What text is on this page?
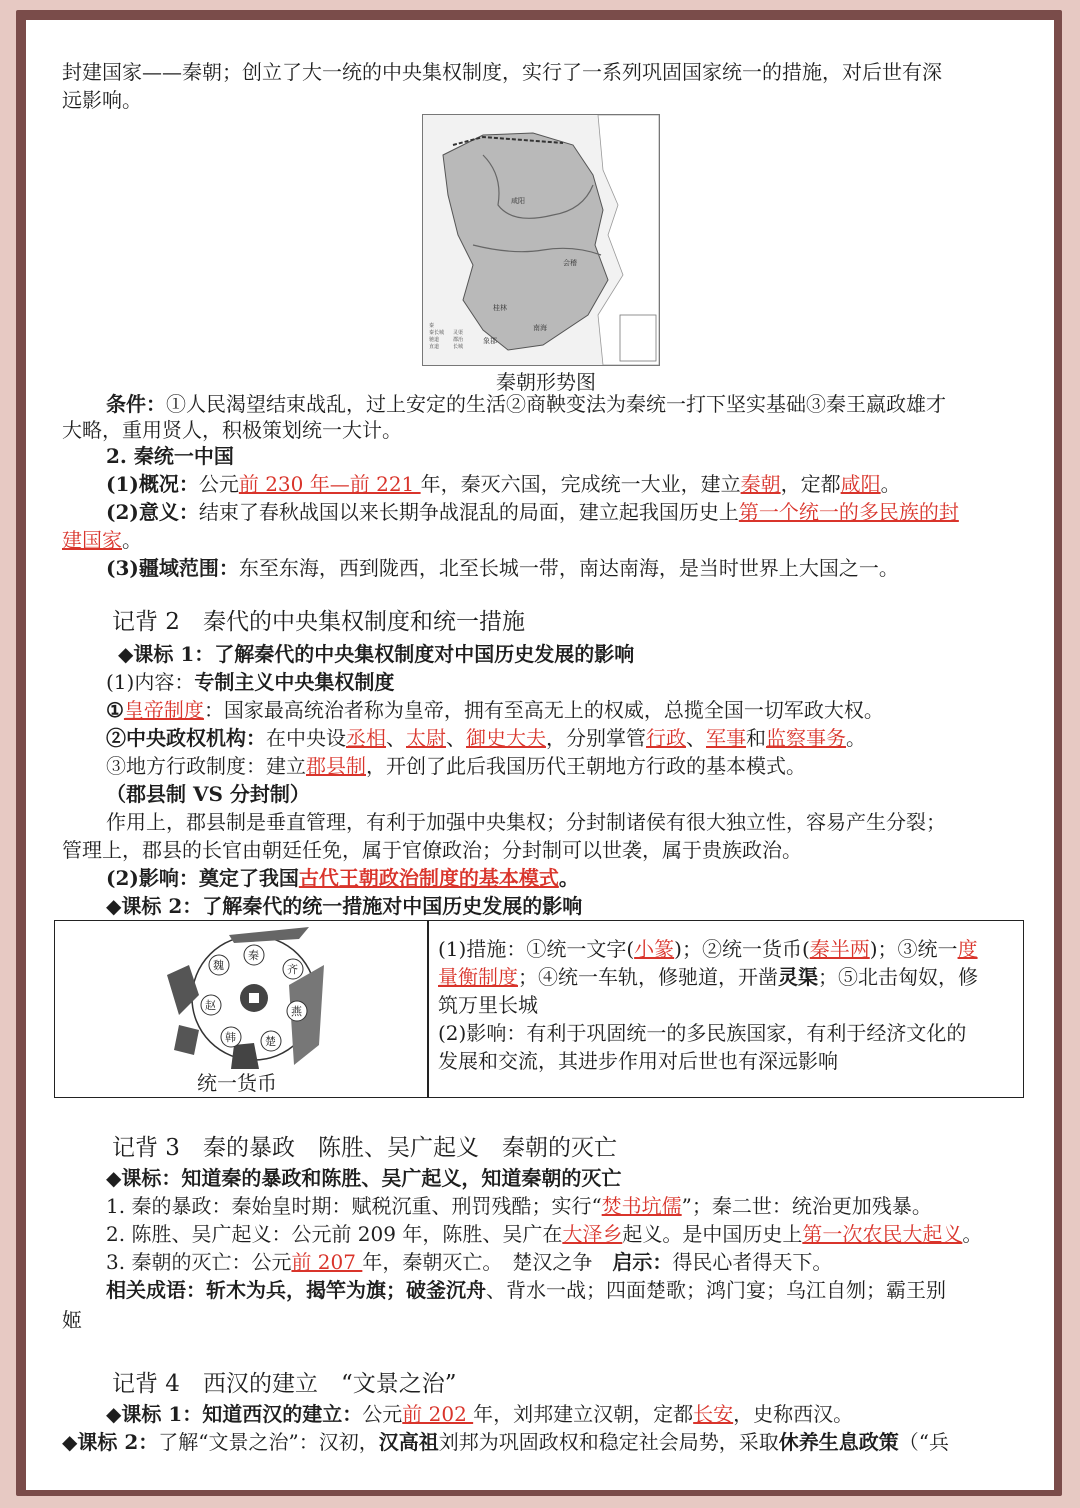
封建国家——秦朝；创立了大一统的中央集权制度，实行了一系列巩固国家统一的措施，对后世有深
远影响。
咸阳
会稽
南海
桂林
象郡
秦
秦长城
驰道
直道
灵渠
郡治
长城
秦朝形势图
条件：①人民渴望结束战乱，过上安定的生活②商鞅变法为秦统一打下坚实基础③秦王嬴政雄才
大略，重用贤人，积极策划统一大计。
2. 秦统一中国
(1)概况：公元前 230 年—前 221 年，秦灭六国，完成统一大业，建立秦朝，定都咸阳。
(2)意义：结束了春秋战国以来长期争战混乱的局面，建立起我国历史上第一个统一的多民族的封
建国家。
(3)疆域范围：东至东海，西到陇西，北至长城一带，南达南海，是当时世界上大国之一。
记背 2　秦代的中央集权制度和统一措施
◆课标 1：了解秦代的中央集权制度对中国历史发展的影响
(1)内容：专制主义中央集权制度
①皇帝制度：国家最高统治者称为皇帝，拥有至高无上的权威，总揽全国一切军政大权。
②中央政权机构：在中央设丞相、太尉、御史大夫，分别掌管行政、军事和监察事务。
③地方行政制度：建立郡县制，开创了此后我国历代王朝地方行政的基本模式。
（郡县制 VS 分封制）
作用上，郡县制是垂直管理，有利于加强中央集权；分封制诸侯有很大独立性，容易产生分裂；
管理上，郡县的长官由朝廷任免，属于官僚政治；分封制可以世袭，属于贵族政治。
(2)影响：奠定了我国古代王朝政治制度的基本模式。
◆课标 2：了解秦代的统一措施对中国历史发展的影响
秦
齐
燕
楚
韩
赵
魏
统一货币
(1)措施：①统一文字(小篆)；②统一货币(秦半两)；③统一度
量衡制度；④统一车轨，修驰道，开凿灵渠；⑤北击匈奴，修
筑万里长城
(2)影响：有利于巩固统一的多民族国家，有利于经济文化的
发展和交流，其进步作用对后世也有深远影响
记背 3　秦的暴政　陈胜、吴广起义　秦朝的灭亡
◆课标：知道秦的暴政和陈胜、吴广起义，知道秦朝的灭亡
1. 秦的暴政：秦始皇时期：赋税沉重、刑罚残酷；实行“焚书坑儒”；秦二世：统治更加残暴。
2. 陈胜、吴广起义：公元前 209 年，陈胜、吴广在大泽乡起义。是中国历史上第一次农民大起义。
3. 秦朝的灭亡：公元前 207 年，秦朝灭亡。　楚汉之争　启示：得民心者得天下。
相关成语：斩木为兵，揭竿为旗；破釜沉舟、背水一战；四面楚歌；鸿门宴；乌江自刎；霸王别
姬
记背 4　西汉的建立　“文景之治”
◆课标 1：知道西汉的建立：公元前 202 年，刘邦建立汉朝，定都长安，史称西汉。
◆课标 2：了解“文景之治”：汉初，汉高祖刘邦为巩固政权和稳定社会局势，采取休养生息政策（“兵
